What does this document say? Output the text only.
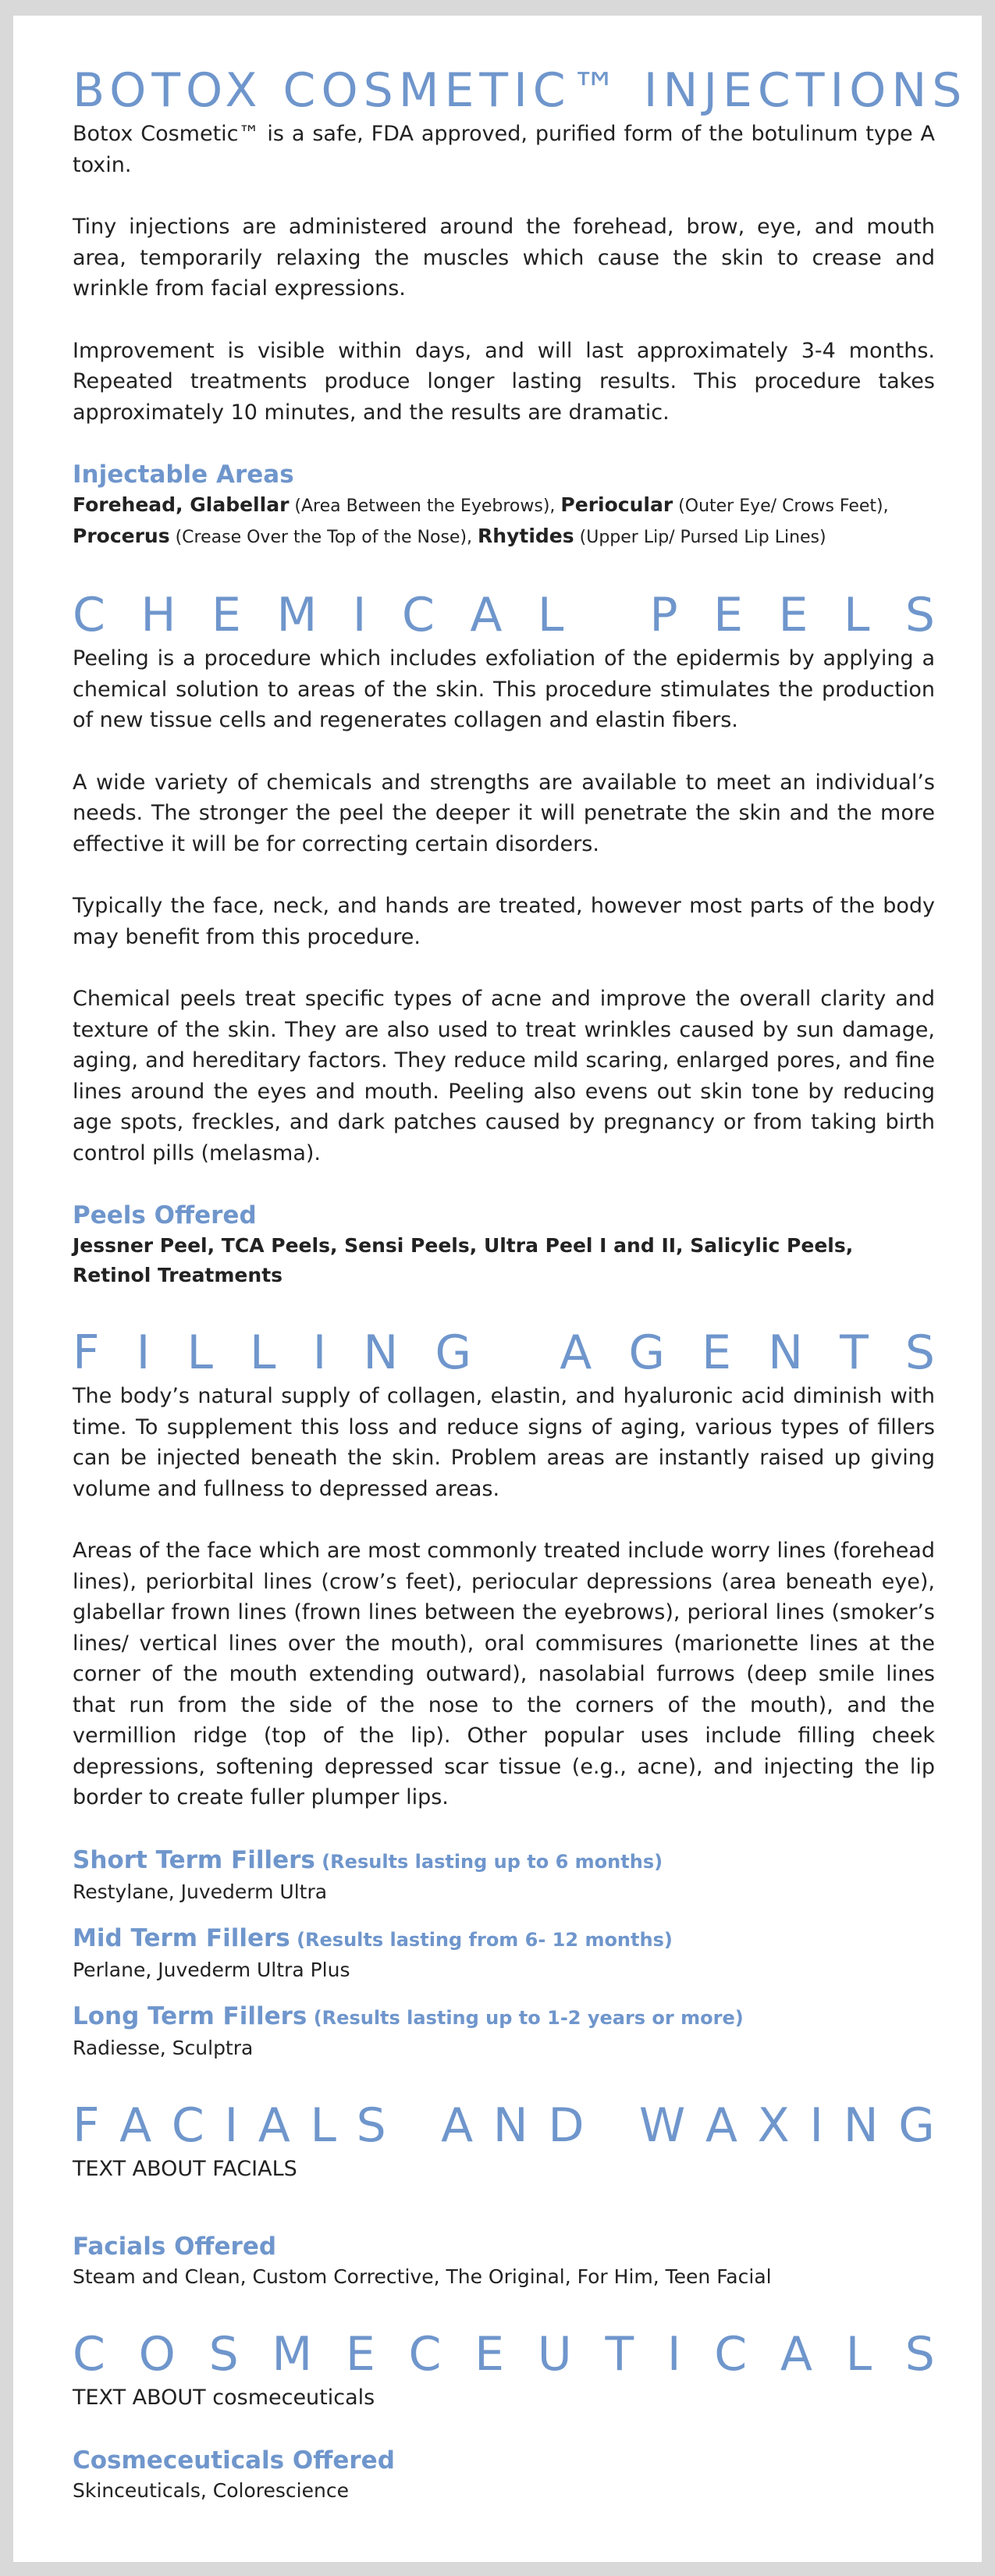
BOTOX COSMETIC™ INJECTIONS

Botox Cosmetic™ is a safe, FDA approved, purified form of the botulinum type A toxin.

Tiny injections are administered around the forehead, brow, eye, and mouth area, temporarily relaxing the muscles which cause the skin to crease and wrinkle from facial expressions.

Improvement is visible within days, and will last approximately 3-4 months. Repeated treatments produce longer lasting results. This procedure takes approximately 10 minutes, and the results are dramatic.

Injectable Areas

Forehead, Glabellar (Area Between the Eyebrows), Periocular (Outer Eye/ Crows Feet), Procerus (Crease Over the Top of the Nose), Rhytides (Upper Lip/ Pursed Lip Lines)

C H E M I C A L
P E E L S

Peeling is a procedure which includes exfoliation of the epidermis by applying a chemical solution to areas of the skin. This procedure stimulates the production of new tissue cells and regenerates collagen and elastin fibers.

A wide variety of chemicals and strengths are available to meet an individual’s needs. The stronger the peel the deeper it will penetrate the skin and the more effective it will be for correcting certain disorders.

Typically the face, neck, and hands are treated, however most parts of the body may benefit from this procedure.

Chemical peels treat specific types of acne and improve the overall clarity and texture of the skin. They are also used to treat wrinkles caused by sun damage, aging, and hereditary factors. They reduce mild scaring, enlarged pores, and fine lines around the eyes and mouth. Peeling also evens out skin tone by reducing age spots, freckles, and dark patches caused by pregnancy or from taking birth control pills (melasma).

Peels Offered

Jessner Peel, TCA Peels, Sensi Peels, Ultra Peel I and II, Salicylic Peels, Retinol Treatments

F I L L I N G
A G E N T S

The body’s natural supply of collagen, elastin, and hyaluronic acid diminish with time. To supplement this loss and reduce signs of aging, various types of fillers can be injected beneath the skin. Problem areas are instantly raised up giving volume and fullness to depressed areas.

Areas of the face which are most commonly treated include worry lines (forehead lines), periorbital lines (crow’s feet), periocular depressions (area beneath eye), glabellar frown lines (frown lines between the eyebrows), perioral lines (smoker’s lines/ vertical lines over the mouth), oral commisures (marionette lines at the corner of the mouth extending outward), nasolabial furrows (deep smile lines that run from the side of the nose to the corners of the mouth), and the vermillion ridge (top of the lip). Other popular uses include filling cheek depressions, softening depressed scar tissue (e.g., acne), and injecting the lip border to create fuller plumper lips.

Short Term Fillers (Results lasting up to 6 months)

Restylane, Juvederm Ultra

Mid Term Fillers (Results lasting from 6- 12 months)

Perlane, Juvederm Ultra Plus

Long Term Fillers (Results lasting up to 1-2 years or more)

Radiesse, Sculptra

F A C I A L S
A N D
W A X I N G

TEXT ABOUT FACIALS

Facials Offered

Steam and Clean, Custom Corrective, The Original, For Him, Teen Facial

C O S M E C E U T I C A L S

TEXT ABOUT cosmeceuticals

Cosmeceuticals Offered

Skinceuticals, Colorescience
